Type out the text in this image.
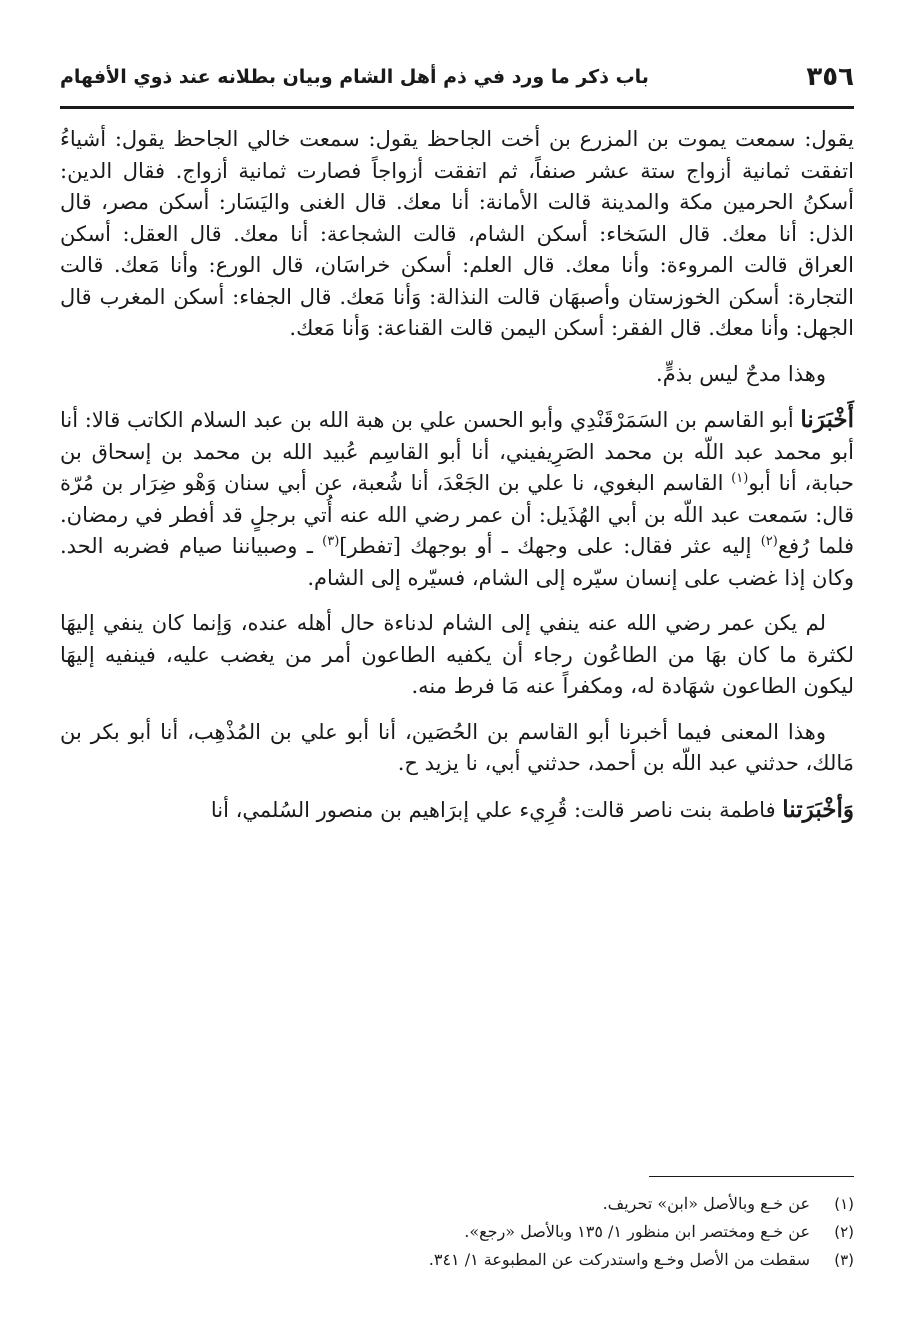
٣٥٦
باب ذكر ما ورد في ذم أهل الشام وبيان بطلانه عند ذوي الأفهام

يقول: سمعت يموت بن المزرع بن أخت الجاحظ يقول: سمعت خالي الجاحظ يقول: أشياءُ اتفقت ثمانية أزواج ستة عشر صنفاً، ثم اتفقت أزواجاً فصارت ثمانية أزواج. فقال الدين: أسكنُ الحرمين مكة والمدينة قالت الأمانة: أنا معك. قال الغنى واليَسَار: أسكن مصر، قال الذل: أنا معك. قال السَخاء: أسكن الشام، قالت الشجاعة: أنا معك. قال العقل: أسكن العراق قالت المروءة: وأنا معك. قال العلم: أسكن خراسَان، قال الورع: وأنا مَعك. قالت التجارة: أسكن الخوزستان وأصبهَان قالت النذالة: وَأنا مَعك. قال الجفاء: أسكن المغرب قال الجهل: وأنا معك. قال الفقر: أسكن اليمن قالت القناعة: وَأنا مَعك.

وهذا مدحٌ ليس بذمٍّ.

أَخْبَرَنا أبو القاسم بن السَمَرْقَنْدِي وأبو الحسن علي بن هبة الله بن عبد السلام الكاتب قالا: أنا أبو محمد عبد اللّه بن محمد الصَرِيفيني، أنا أبو القاسِم عُبيد الله بن محمد بن إسحاق بن حبابة، أنا أبو$^{(١)}$ القاسم البغوي، نا علي بن الجَعْدَ، أنا شُعبة، عن أبي سنان وَهْو ضِرَار بن مُرّة قال: سَمعت عبد اللّه بن أبي الهُذَيل: أن عمر رضي الله عنه أُتي برجلٍ قد أفطر في رمضان. فلما رُفع$^{(٢)}$ إليه عثر فقال: على وجهك ـ أو بوجهك [تفطر]$^{(٣)}$ ـ وصبياننا صيام فضربه الحد. وكان إذا غضب على إنسان سيّره إلى الشام، فسيّره إلى الشام.

لم يكن عمر رضي الله عنه ينفي إلى الشام لدناءة حال أهله عنده، وَإنما كان ينفي إليهَا لكثرة ما كان بهَا من الطاعُون رجاء أن يكفيه الطاعون أمر من يغضب عليه، فينفيه إليهَا ليكون الطاعون شهَادة له، ومكفراً عنه مَا فرط منه.

وهذا المعنى فيما أخبرنا أبو القاسم بن الحُصَين، أنا أبو علي بن المُذْهِب، أنا أبو بكر بن مَالك، حدثني عبد اللّه بن أحمد، حدثني أبي، نا يزيد ح.

وَأخْبَرَتنا فاطمة بنت ناصر قالت: قُرِيء علي إبرَاهيم بن منصور السُلمي، أنا

(١)
عن خـع وبالأصل «ابن» تحريف.
(٢)
عن خـع ومختصر ابن منظور ١/ ١٣٥ وبالأصل «رجع».
(٣)
سقطت من الأصل وخـع واستدركت عن المطبوعة ١/ ٣٤١.
